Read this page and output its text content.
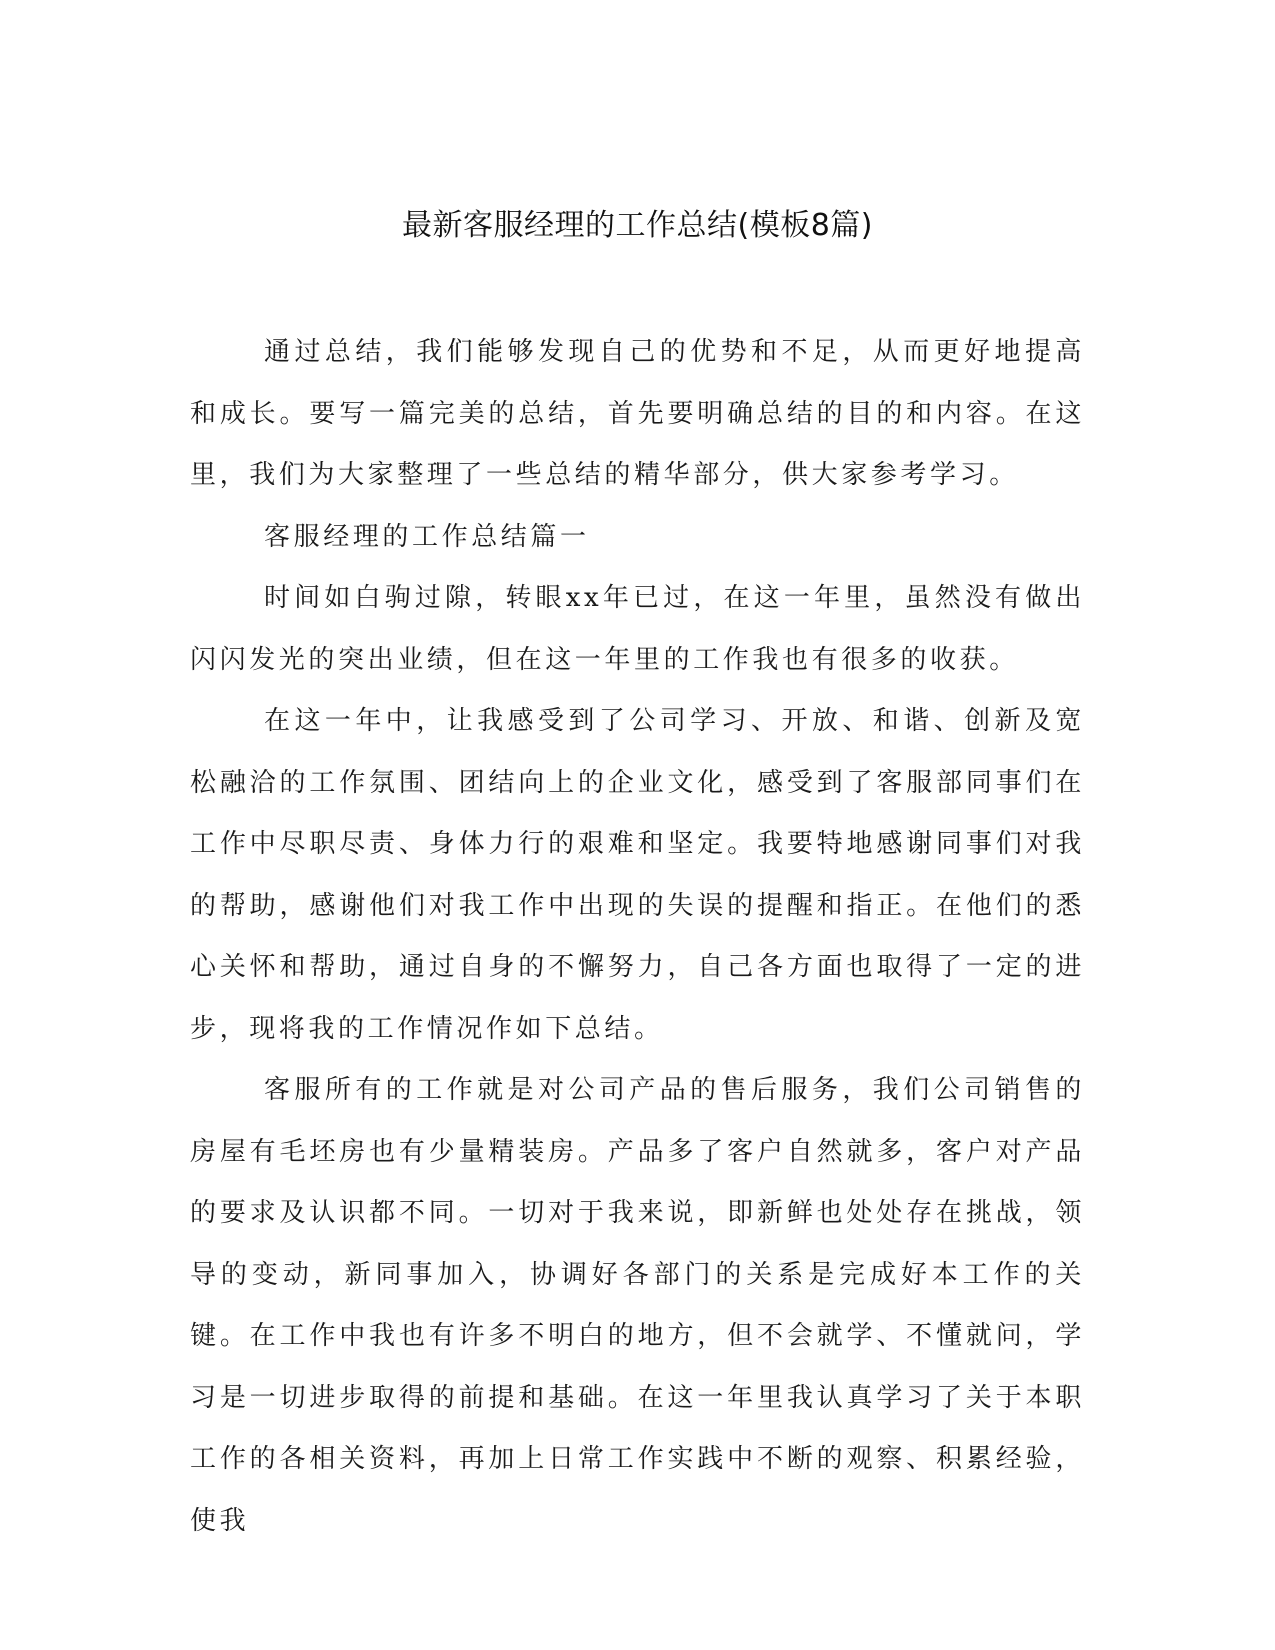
最新客服经理的工作总结(模板8篇)

通过总结，我们能够发现自己的优势和不足，从而更好地提高和成长。要写一篇完美的总结，首先要明确总结的目的和内容。在这里，我们为大家整理了一些总结的精华部分，供大家参考学习。

客服经理的工作总结篇一

时间如白驹过隙，转眼xx年已过，在这一年里，虽然没有做出闪闪发光的突出业绩，但在这一年里的工作我也有很多的收获。

在这一年中，让我感受到了公司学习、开放、和谐、创新及宽松融洽的工作氛围、团结向上的企业文化，感受到了客服部同事们在工作中尽职尽责、身体力行的艰难和坚定。我要特地感谢同事们对我的帮助，感谢他们对我工作中出现的失误的提醒和指正。在他们的悉心关怀和帮助，通过自身的不懈努力，自己各方面也取得了一定的进步，现将我的工作情况作如下总结。

客服所有的工作就是对公司产品的售后服务，我们公司销售的房屋有毛坯房也有少量精装房。产品多了客户自然就多，客户对产品的要求及认识都不同。一切对于我来说，即新鲜也处处存在挑战，领导的变动，新同事加入，协调好各部门的关系是完成好本工作的关键。在工作中我也有许多不明白的地方，但不会就学、不懂就问，学习是一切进步取得的前提和基础。在这一年里我认真学习了关于本职工作的各相关资料，再加上日常工作实践中不断的观察、积累经验，使我
